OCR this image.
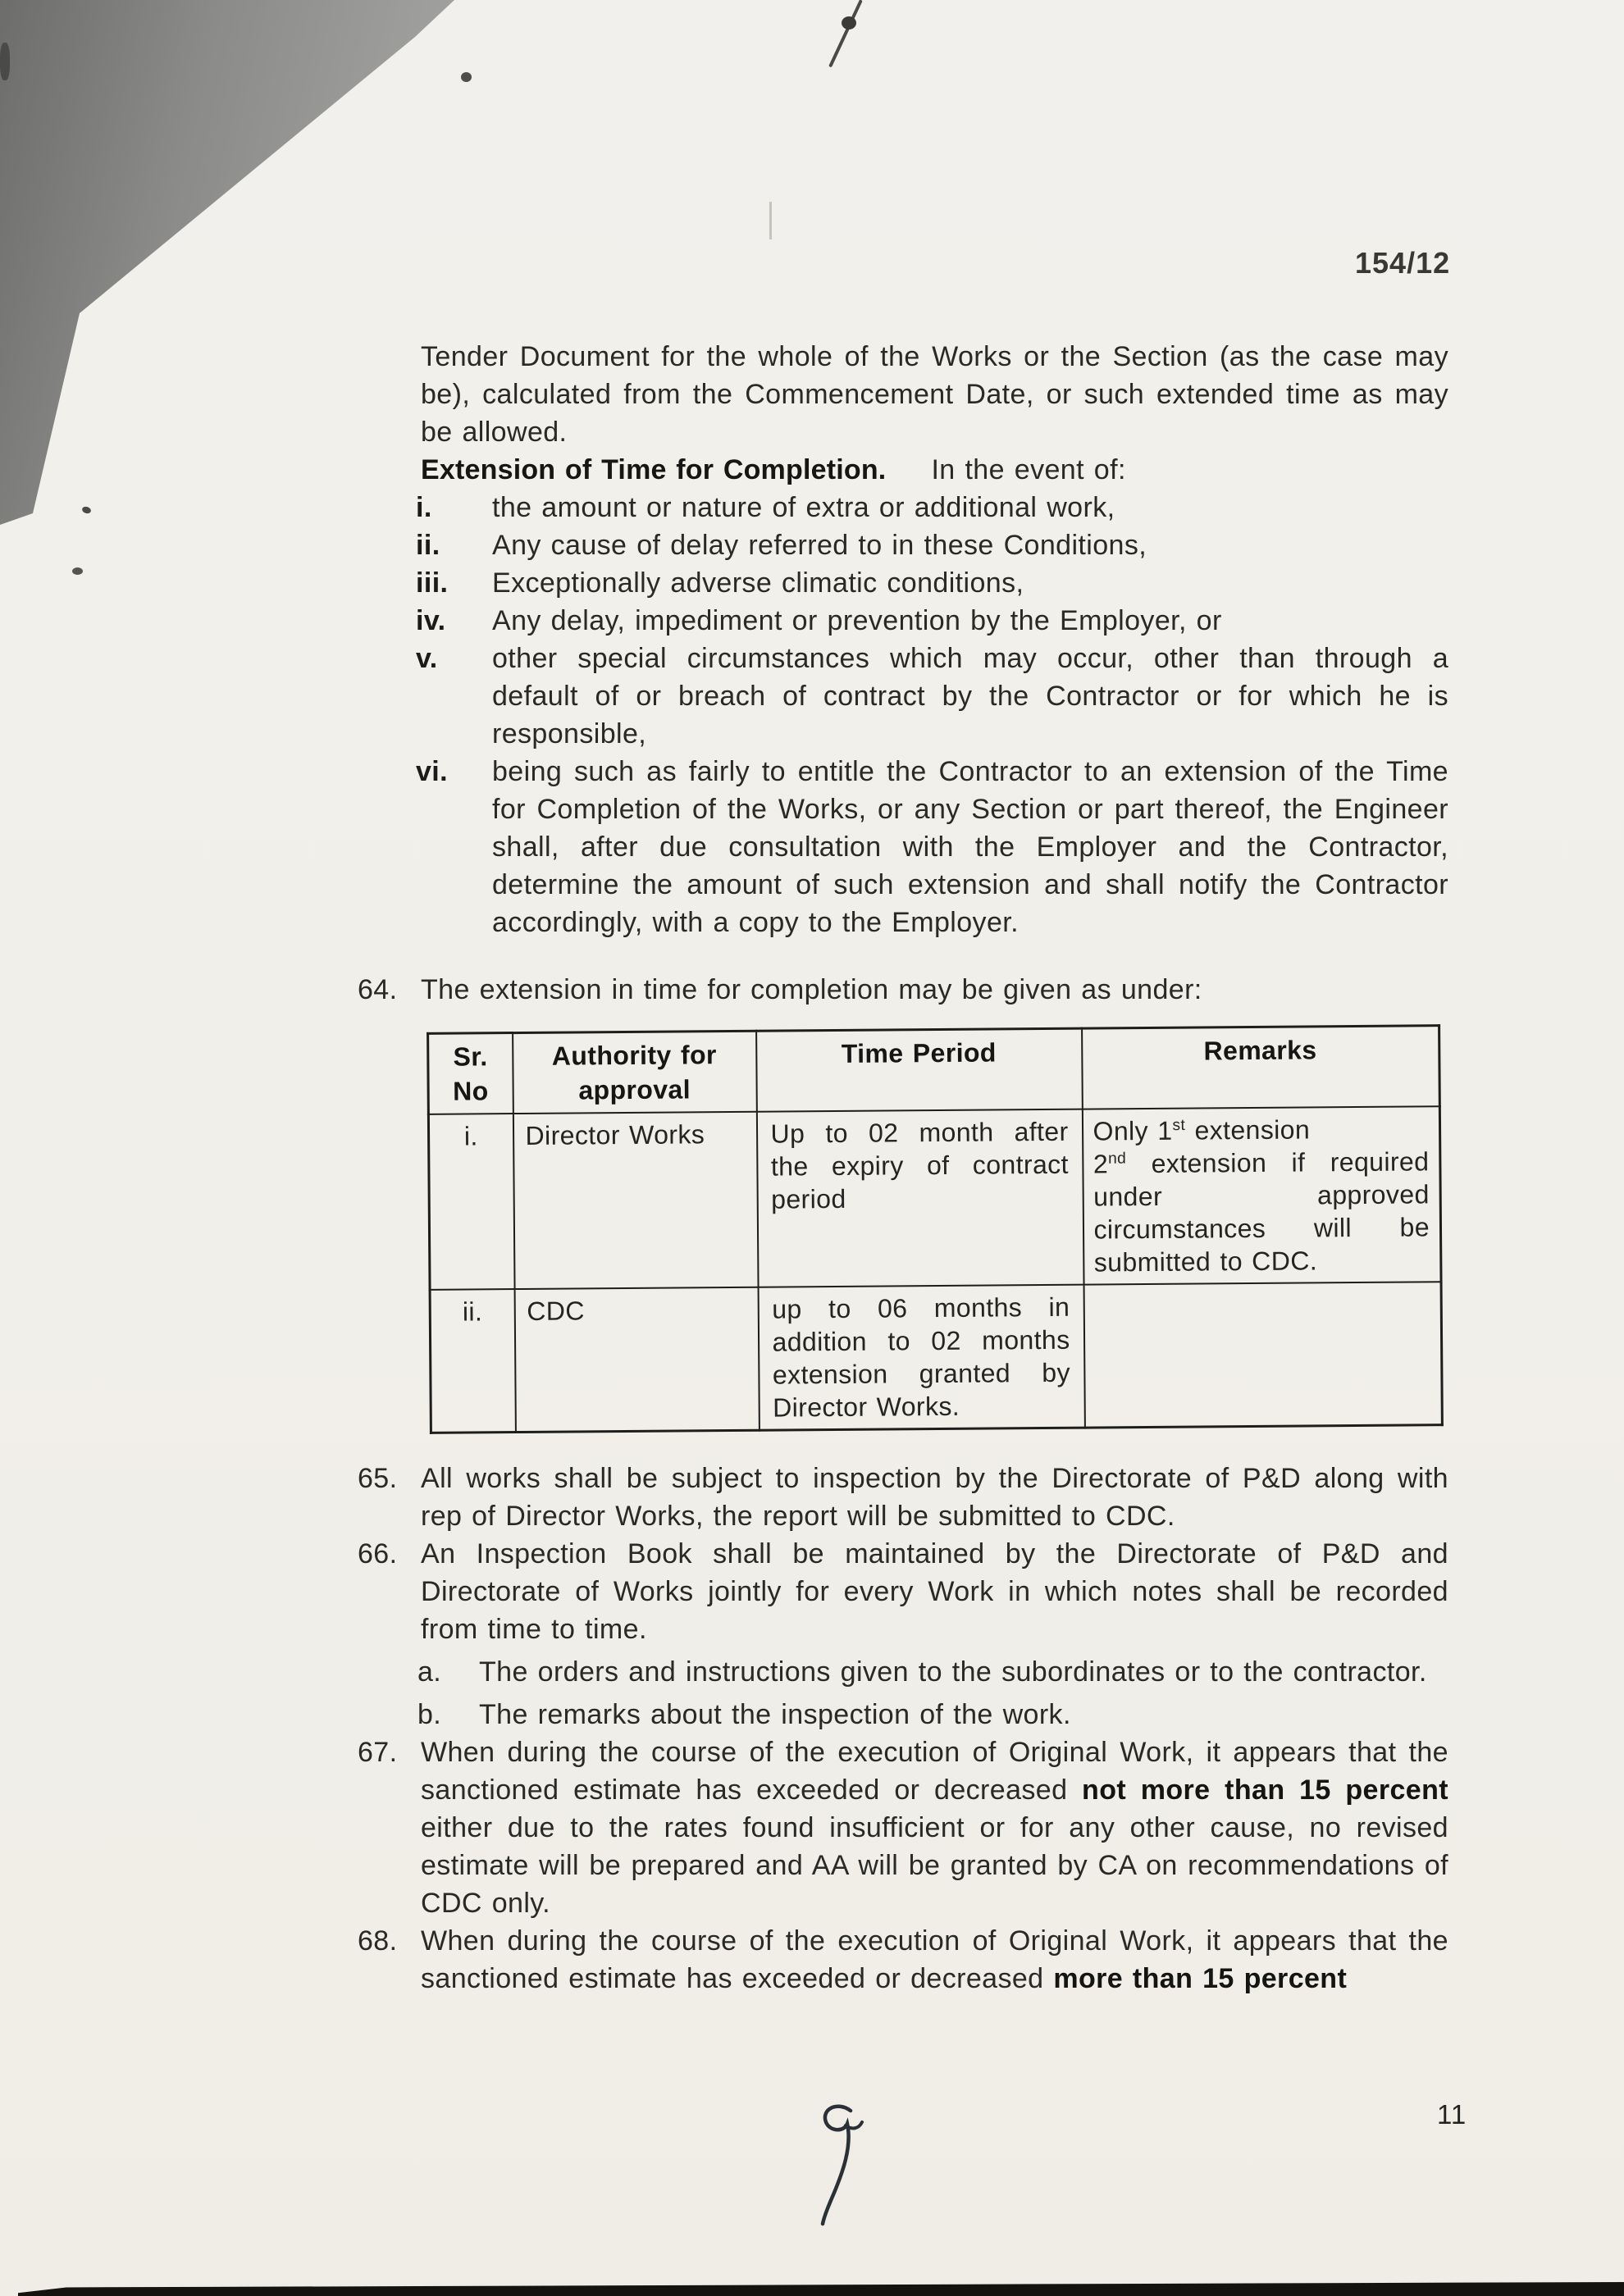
154/12

Tender Document for the whole of the Works or the Section (as the case may be), calculated from the Commencement Date, or such extended time as may be allowed.

Extension of Time for Completion. In the event of:
i.	the amount or nature of extra or additional work,
ii.	Any cause of delay referred to in these Conditions,
iii.	Exceptionally adverse climatic conditions,
iv.	Any delay, impediment or prevention by the Employer, or
v.	other special circumstances which may occur, other than through a default of or breach of contract by the Contractor or for which he is responsible,
vi.	being such as fairly to entitle the Contractor to an extension of the Time for Completion of the Works, or any Section or part thereof, the Engineer shall, after due consultation with the Employer and the Contractor, determine the amount of such extension and shall notify the Contractor accordingly, with a copy to the Employer.
64. The extension in time for completion may be given as under:

Sr. No	Authority for approval	Time Period	Remarks
i.	Director Works	Up to 02 month after the expiry of contract period	Only 1st extension
2nd extension if required under approved circumstances will be submitted to CDC.

ii.	CDC	up to 06 months in addition to 02 months extension granted by Director Works.	
65. All works shall be subject to inspection by the Directorate of P&D along with rep of Director Works, the report will be submitted to CDC.

66. An Inspection Book shall be maintained by the Directorate of P&D and Directorate of Works jointly for every Work in which notes shall be recorded from time to time.

a.	The orders and instructions given to the subordinates or to the contractor.
b.	The remarks about the inspection of the work.
67. When during the course of the execution of Original Work, it appears that the sanctioned estimate has exceeded or decreased not more than 15 percent either due to the rates found insufficient or for any other cause, no revised estimate will be prepared and AA will be granted by CA on recommendations of CDC only.

68. When during the course of the execution of Original Work, it appears that the sanctioned estimate has exceeded or decreased more than 15 percent

11
